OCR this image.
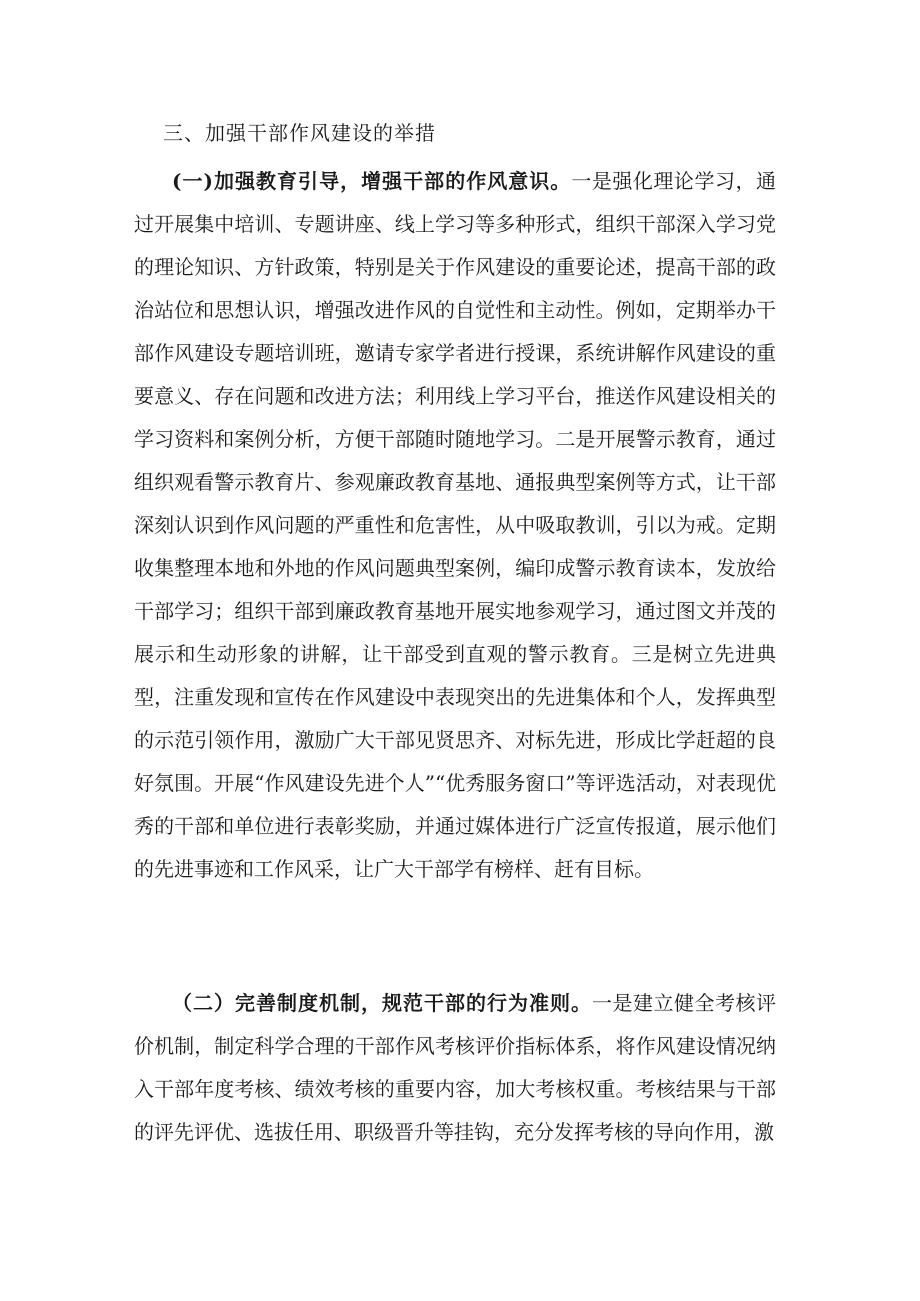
三、加强干部作风建设的举措

(一)加强教育引导，增强干部的作风意识。一是强化理论学习，通过开展集中培训、专题讲座、线上学习等多种形式，组织干部深入学习党的理论知识、方针政策，特别是关于作风建设的重要论述，提高干部的政治站位和思想认识，增强改进作风的自觉性和主动性。例如，定期举办干部作风建设专题培训班，邀请专家学者进行授课，系统讲解作风建设的重要意义、存在问题和改进方法；利用线上学习平台，推送作风建设相关的学习资料和案例分析，方便干部随时随地学习。二是开展警示教育，通过组织观看警示教育片、参观廉政教育基地、通报典型案例等方式，让干部深刻认识到作风问题的严重性和危害性，从中吸取教训，引以为戒。定期收集整理本地和外地的作风问题典型案例，编印成警示教育读本，发放给干部学习；组织干部到廉政教育基地开展实地参观学习，通过图文并茂的展示和生动形象的讲解，让干部受到直观的警示教育。三是树立先进典型，注重发现和宣传在作风建设中表现突出的先进集体和个人，发挥典型的示范引领作用，激励广大干部见贤思齐、对标先进，形成比学赶超的良好氛围。开展“作风建设先进个人”“优秀服务窗口”等评选活动，对表现优秀的干部和单位进行表彰奖励，并通过媒体进行广泛宣传报道，展示他们的先进事迹和工作风采，让广大干部学有榜样、赶有目标。

（二）完善制度机制，规范干部的行为准则。一是建立健全考核评价机制，制定科学合理的干部作风考核评价指标体系，将作风建设情况纳入干部年度考核、绩效考核的重要内容，加大考核权重。考核结果与干部的评先评优、选拔任用、职级晋升等挂钩，充分发挥考核的导向作用，激
